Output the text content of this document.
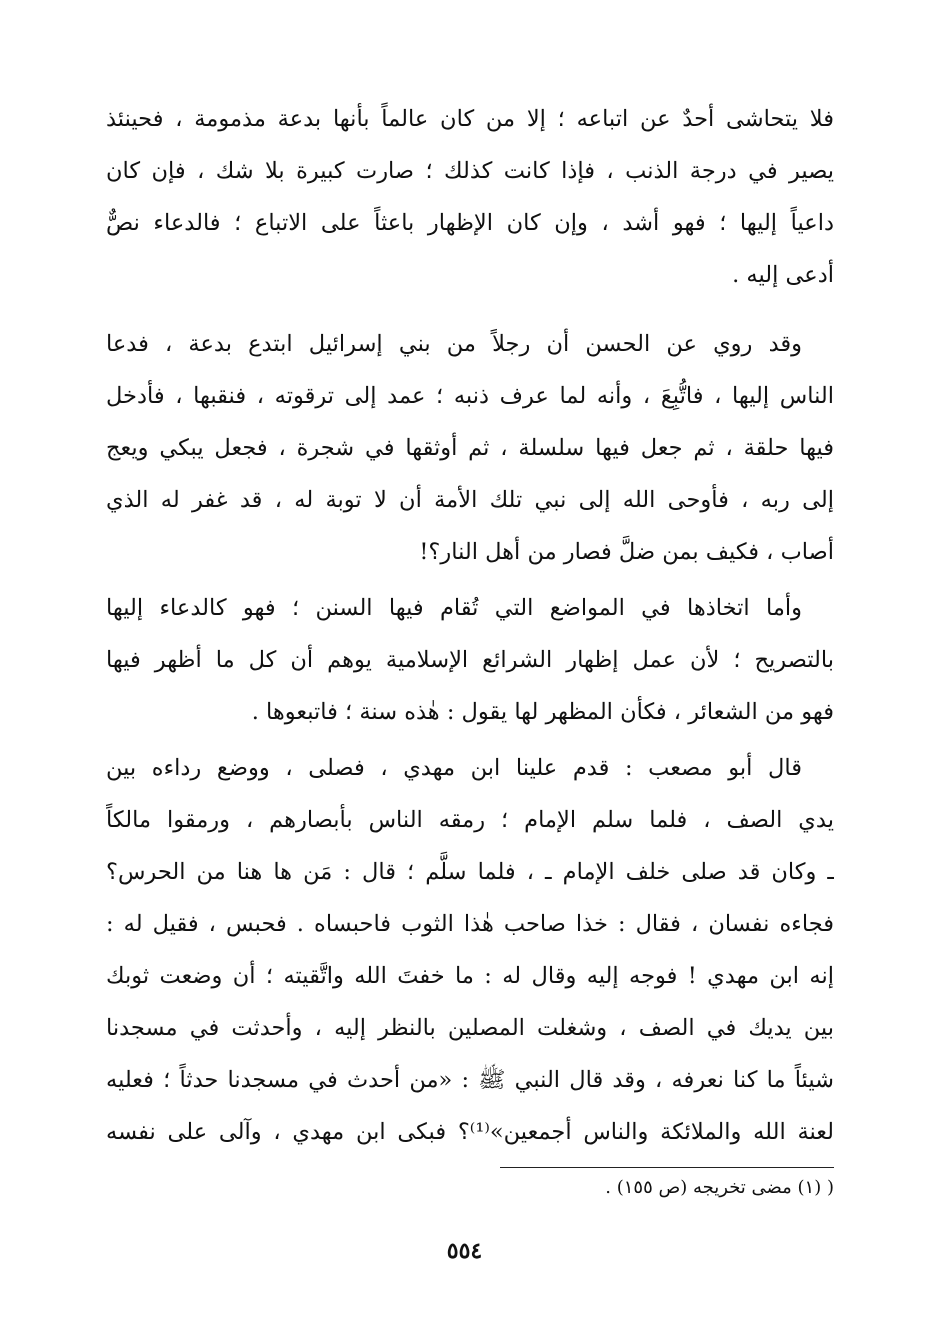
فلا يتحاشى أحدٌ عن اتباعه ؛ إلا من كان عالماً بأنها بدعة مذمومة ، فحينئذ
يصير في درجة الذنب ، فإذا كانت كذلك ؛ صارت كبيرة بلا شك ، فإن كان
داعياً إليها ؛ فهو أشد ، وإن كان الإظهار باعثاً على الاتباع ؛ فالدعاء نصٌّ
أدعى إليه .
وقد روي عن الحسن أن رجلاً من بني إسرائيل ابتدع بدعة ، فدعا
الناس إليها ، فاتُّبِعَ ، وأنه لما عرف ذنبه ؛ عمد إلى ترقوته ، فنقبها ، فأدخل
فيها حلقة ، ثم جعل فيها سلسلة ، ثم أوثقها في شجرة ، فجعل يبكي ويعج
إلى ربه ، فأوحى الله إلى نبي تلك الأمة أن لا توبة له ، قد غفر له الذي
أصاب ، فكيف بمن ضلَّ فصار من أهل النار؟!
وأما اتخاذها في المواضع التي تُقام فيها السنن ؛ فهو كالدعاء إليها
بالتصريح ؛ لأن عمل إظهار الشرائع الإسلامية يوهم أن كل ما أظهر فيها
فهو من الشعائر ، فكأن المظهر لها يقول : هٰذه سنة ؛ فاتبعوها .
قال أبو مصعب : قدم علينا ابن مهدي ، فصلى ، ووضع رداءه بين
يدي الصف ، فلما سلم الإمام ؛ رمقه الناس بأبصارهم ، ورمقوا مالكاً
ـ وكان قد صلى خلف الإمام ـ ، فلما سلَّم ؛ قال : مَن ها هنا من الحرس؟
فجاءه نفسان ، فقال : خذا صاحب هٰذا الثوب فاحبساه . فحبس ، فقيل له :
إنه ابن مهدي ! فوجه إليه وقال له : ما خفتَ الله واتَّقيته ؛ أن وضعت ثوبك
بين يديك في الصف ، وشغلت المصلين بالنظر إليه ، وأحدثت في مسجدنا
شيئاً ما كنا نعرفه ، وقد قال النبي ﷺ : «من أحدث في مسجدنا حدثاً ؛ فعليه
لعنة الله والملائكة والناس أجمعين»⁽¹⁾؟ فبكى ابن مهدي ، وآلى على نفسه
( (١) مضى تخريجه (ص ١٥٥) .
٥٥٤
